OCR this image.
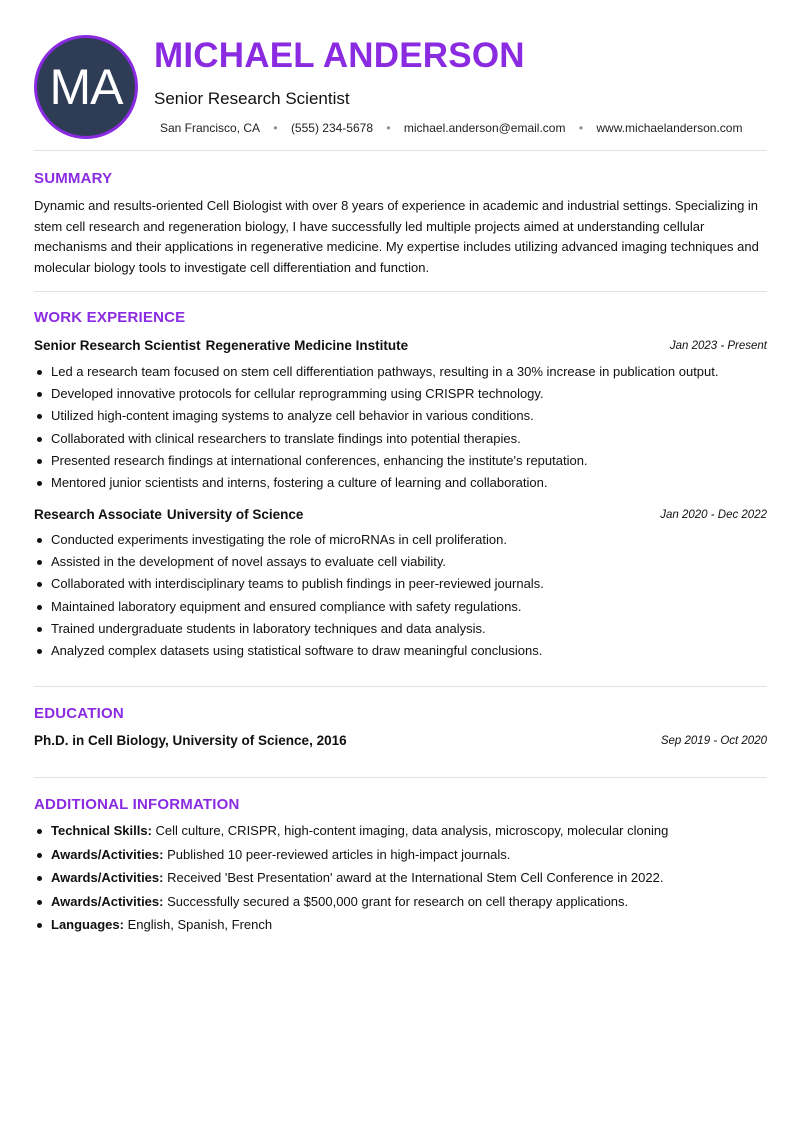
MA
MICHAEL ANDERSON
Senior Research Scientist
San Francisco, CA • (555) 234-5678 • michael.anderson@email.com • www.michaelanderson.com
SUMMARY

Dynamic and results-oriented Cell Biologist with over 8 years of experience in academic and industrial settings. Specializing in stem cell research and regeneration biology, I have successfully led multiple projects aimed at understanding cellular mechanisms and their applications in regenerative medicine. My expertise includes utilizing advanced imaging techniques and molecular biology tools to investigate cell differentiation and function.

WORK EXPERIENCE
Senior Research Scientist Regenerative Medicine Institute	Jan 2023 - Present
Led a research team focused on stem cell differentiation pathways, resulting in a 30% increase in publication output.
Developed innovative protocols for cellular reprogramming using CRISPR technology.
Utilized high-content imaging systems to analyze cell behavior in various conditions.
Collaborated with clinical researchers to translate findings into potential therapies.
Presented research findings at international conferences, enhancing the institute's reputation.
Mentored junior scientists and interns, fostering a culture of learning and collaboration.
Research Associate University of Science	Jan 2020 - Dec 2022
Conducted experiments investigating the role of microRNAs in cell proliferation.
Assisted in the development of novel assays to evaluate cell viability.
Collaborated with interdisciplinary teams to publish findings in peer-reviewed journals.
Maintained laboratory equipment and ensured compliance with safety regulations.
Trained undergraduate students in laboratory techniques and data analysis.
Analyzed complex datasets using statistical software to draw meaningful conclusions.
EDUCATION
Ph.D. in Cell Biology, University of Science, 2016	Sep 2019 - Oct 2020
ADDITIONAL INFORMATION
Technical Skills: Cell culture, CRISPR, high-content imaging, data analysis, microscopy, molecular cloning
Awards/Activities: Published 10 peer-reviewed articles in high-impact journals.
Awards/Activities: Received 'Best Presentation' award at the International Stem Cell Conference in 2022.
Awards/Activities: Successfully secured a $500,000 grant for research on cell therapy applications.
Languages: English, Spanish, French
